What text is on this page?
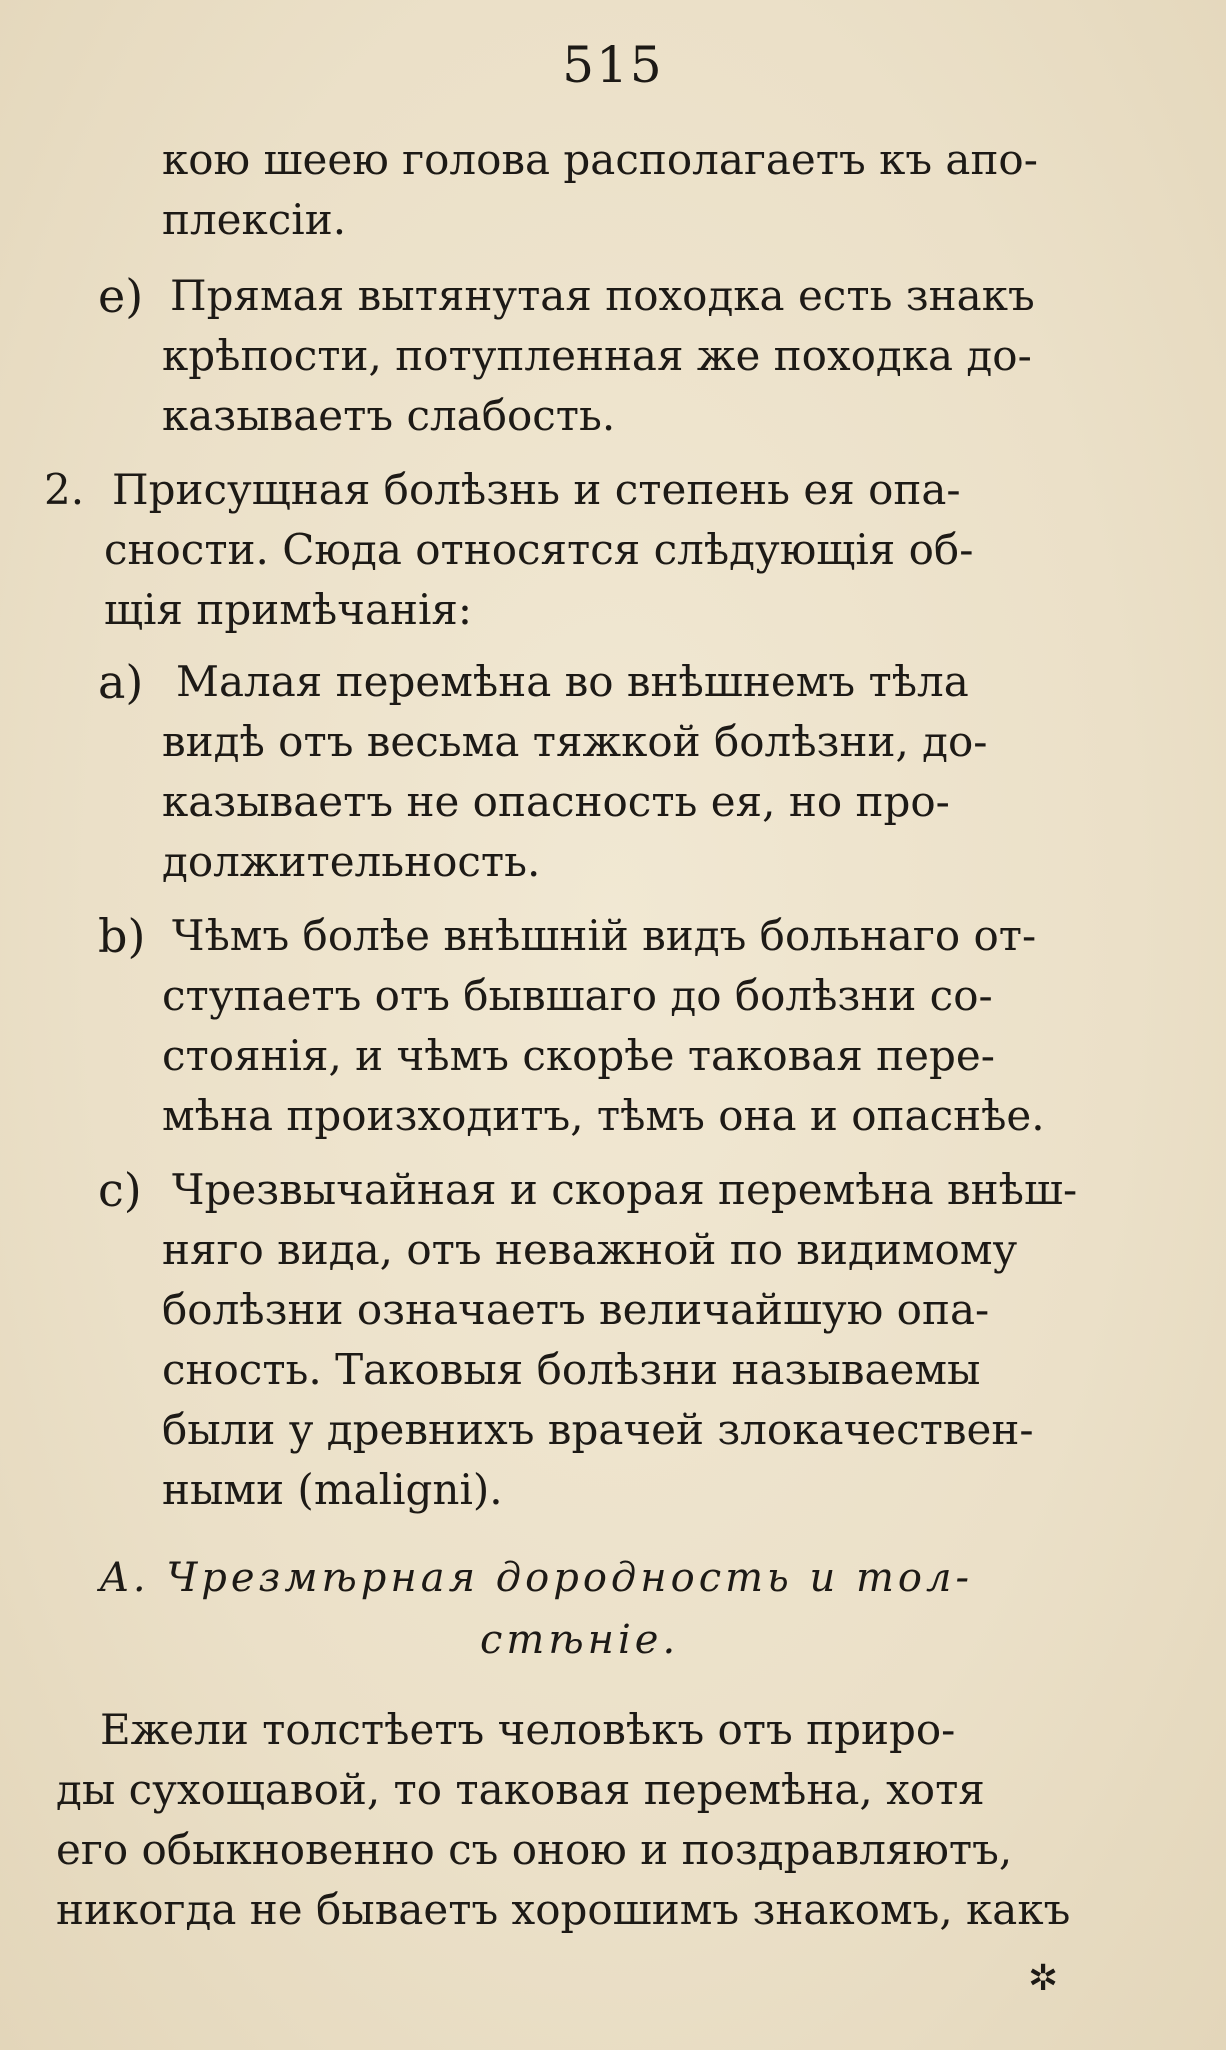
515
кою шеею голова располагаетъ къ апо-
плексіи.
e) Прямая вытянутая походка есть знакъ
крѣпости, потупленная же походка до-
казываетъ слабость.
2. Присущная болѣзнь и степень ея опа-
сности. Сюда относятся слѣдующія об-
щія примѣчанія:
a) Малая перемѣна во внѣшнемъ тѣла
видѣ отъ весьма тяжкой болѣзни, до-
казываетъ не опасность ея, но про-
должительность.
b) Чѣмъ болѣе внѣшній видъ больнаго от-
ступаетъ отъ бывшаго до болѣзни со-
стоянія, и чѣмъ скорѣе таковая пере-
мѣна произходитъ, тѣмъ она и опаснѣе.
c) Чрезвычайная и скорая перемѣна внѣш-
няго вида, отъ неважной по видимому
болѣзни означаетъ величайшую опа-
сность. Таковыя болѣзни называемы
были у древнихъ врачей злокачествен-
ными (maligni).
A. Чрезмѣрная дородность и тол-
стѣніе.
Ежели толстѣетъ человѣкъ отъ приро-
ды сухощавой, то таковая перемѣна, хотя
его обыкновенно съ оною и поздравляютъ,
никогда не бываетъ хорошимъ знакомъ, какъ
✲
